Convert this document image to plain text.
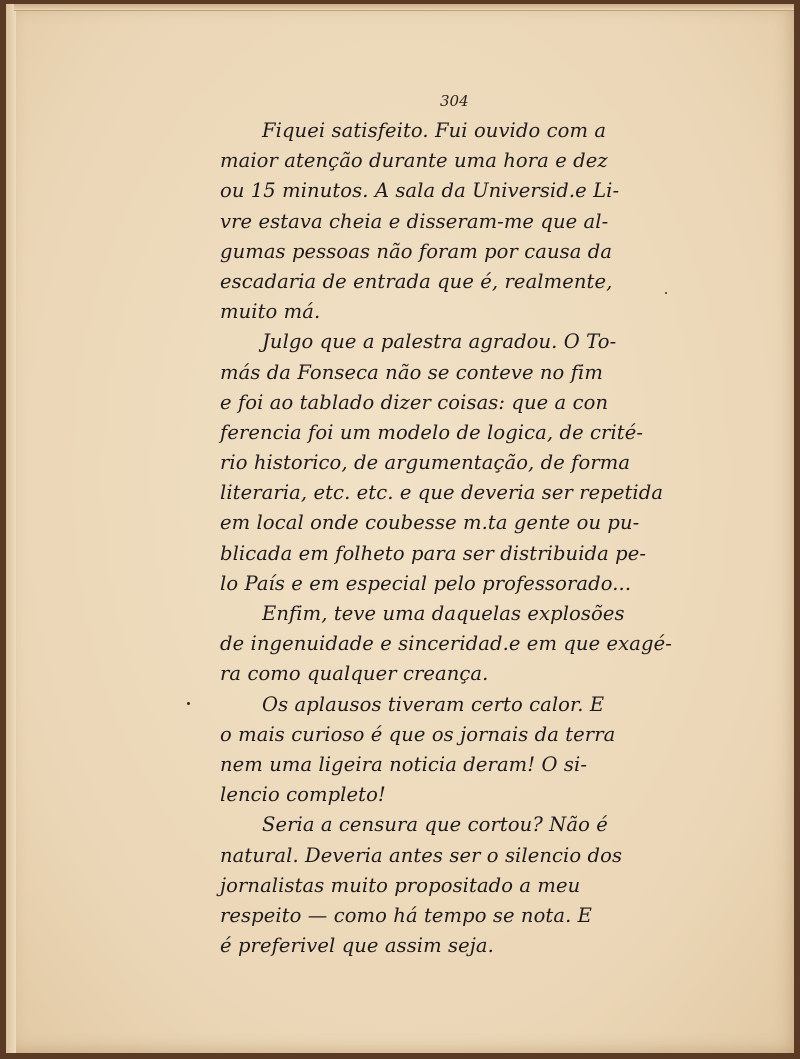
304
Fiquei satisfeito. Fui ouvido com a
maior atenção durante uma hora e dez
ou 15 minutos. A sala da Universid.e Li-
vre estava cheia e disseram-me que al-
gumas pessoas não foram por causa da
escadaria de entrada que é, realmente,
muito má.
Julgo que a palestra agradou. O To-
más da Fonseca não se conteve no fim
e foi ao tablado dizer coisas: que a con
ferencia foi um modelo de logica, de crité-
rio historico, de argumentação, de forma
literaria, etc. etc. e que deveria ser repetida
em local onde coubesse m.ta gente ou pu-
blicada em folheto para ser distribuida pe-
lo País e em especial pelo professorado...
Enfim, teve uma daquelas explosões
de ingenuidade e sinceridad.e em que exagé-
ra como qualquer creança.
Os aplausos tiveram certo calor. E
o mais curioso é que os jornais da terra
nem uma ligeira noticia deram! O si-
lencio completo!
Seria a censura que cortou? Não é
natural. Deveria antes ser o silencio dos
jornalistas muito propositado a meu
respeito — como há tempo se nota. E
é preferivel que assim seja.
